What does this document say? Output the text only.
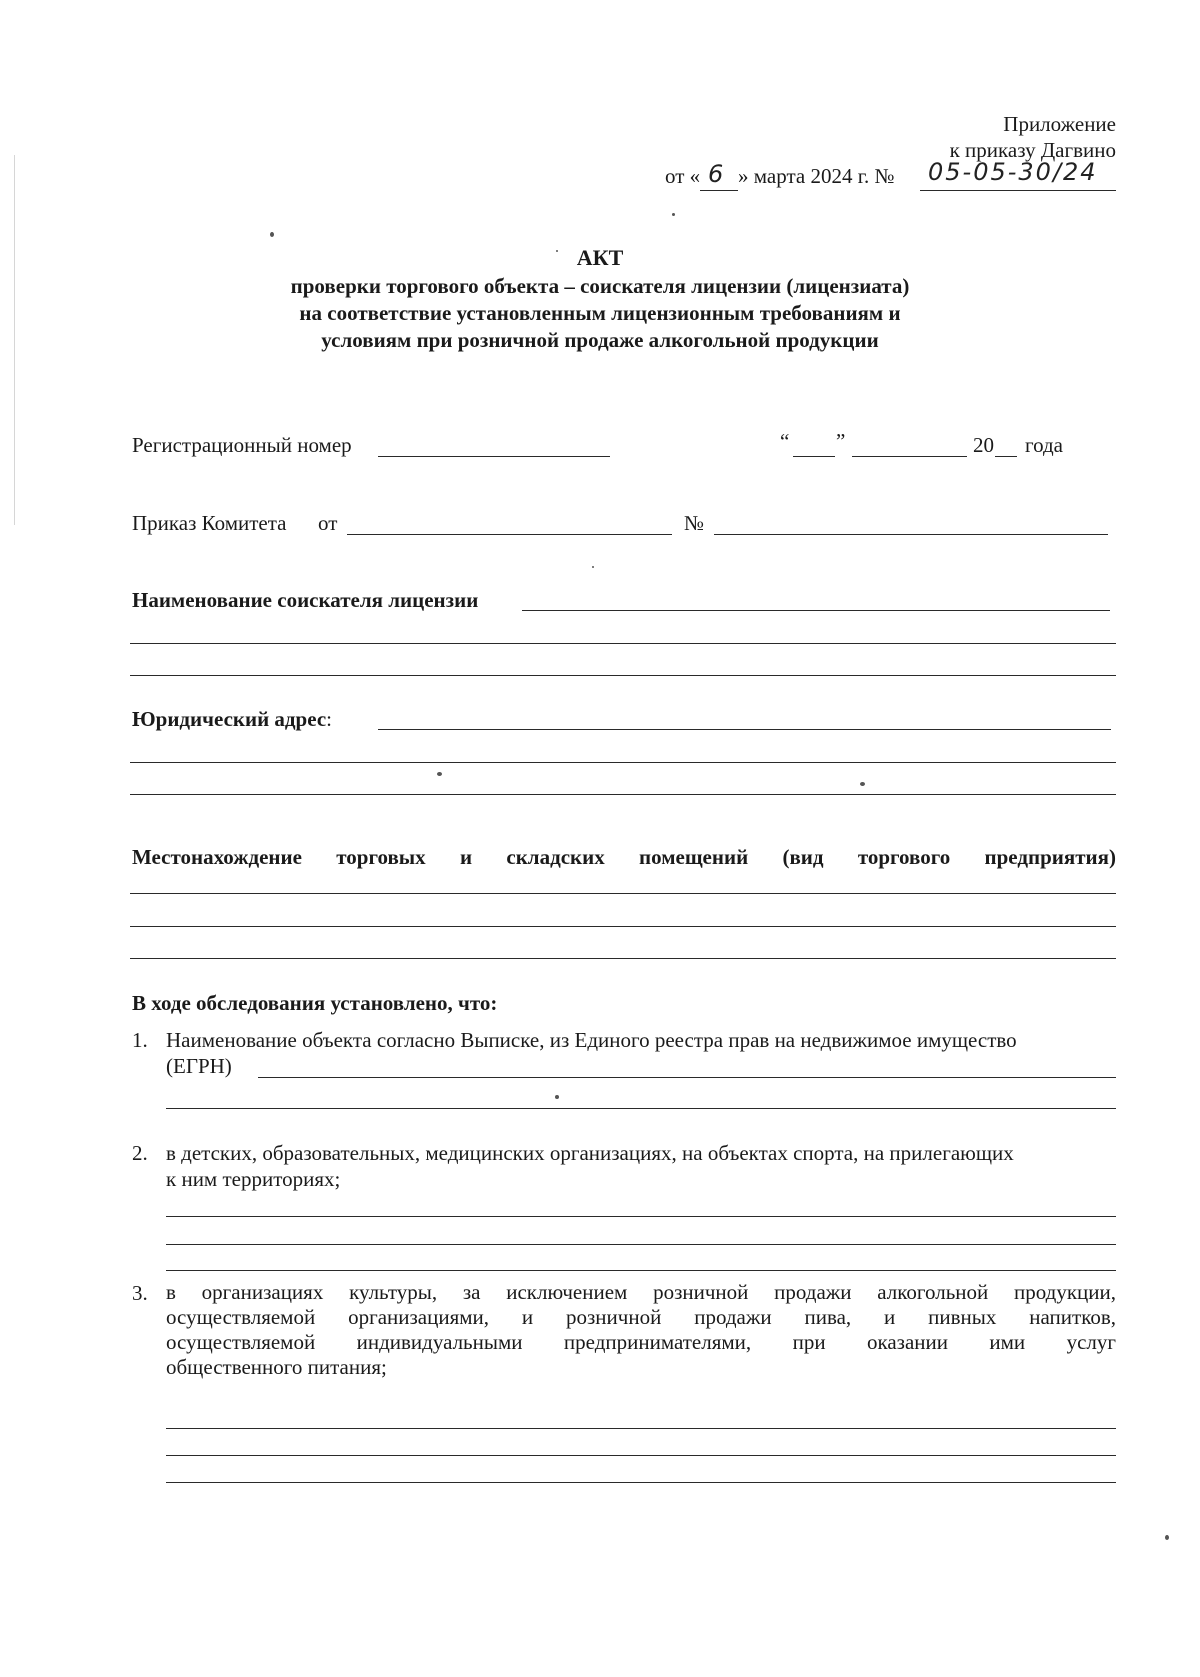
Приложение
к приказу Дагвино
от « 6 » марта 2024 г. № 05-05-30/24
АКТ
проверки торгового объекта – соискателя лицензии (лицензиата)
на соответствие установленным лицензионным требованиям и
условиям при розничной продаже алкогольной продукции
Регистрационный номер	“ ”	20 года
Приказ Комитета от	№
Наименование соискателя лицензии
Юридический адрес:
Местонахождение торговых и складских помещений (вид торгового предприятия)
В ходе обследования установлено, что:
1. Наименование объекта согласно Выписке, из Единого реестра прав на недвижимое имущество
(ЕГРН)
2. в детских, образовательных, медицинских организациях, на объектах спорта, на прилегающих
к ним территориях;
3. в организациях культуры, за исключением розничной продажи алкогольной продукции,
осуществляемой организациями, и розничной продажи пива, и пивных напитков,
осуществляемой индивидуальными предпринимателями, при оказании ими услуг
общественного питания;
